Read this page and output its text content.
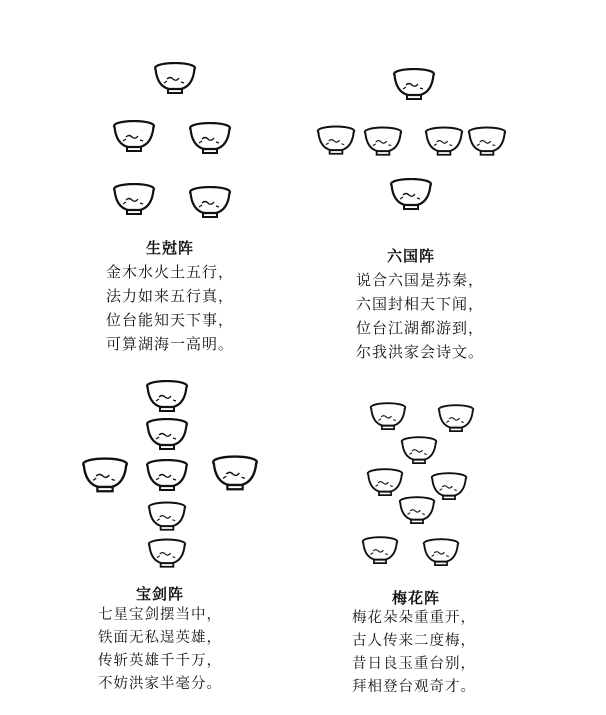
生尅阵
金木水火土五行，
法力如来五行真，
位台能知天下事，
可算湖海一高明。
六国阵
说合六国是苏秦，
六国封相天下闻，
位台江湖都游到，
尔我洪家会诗文。
宝剑阵
七星宝剑摆当中，
铁面无私逞英雄，
传斩英雄千千万，
不妨洪家半毫分。
梅花阵
梅花朵朵重重开，
古人传来二度梅，
昔日良玉重台别，
拜相登台观奇才。
